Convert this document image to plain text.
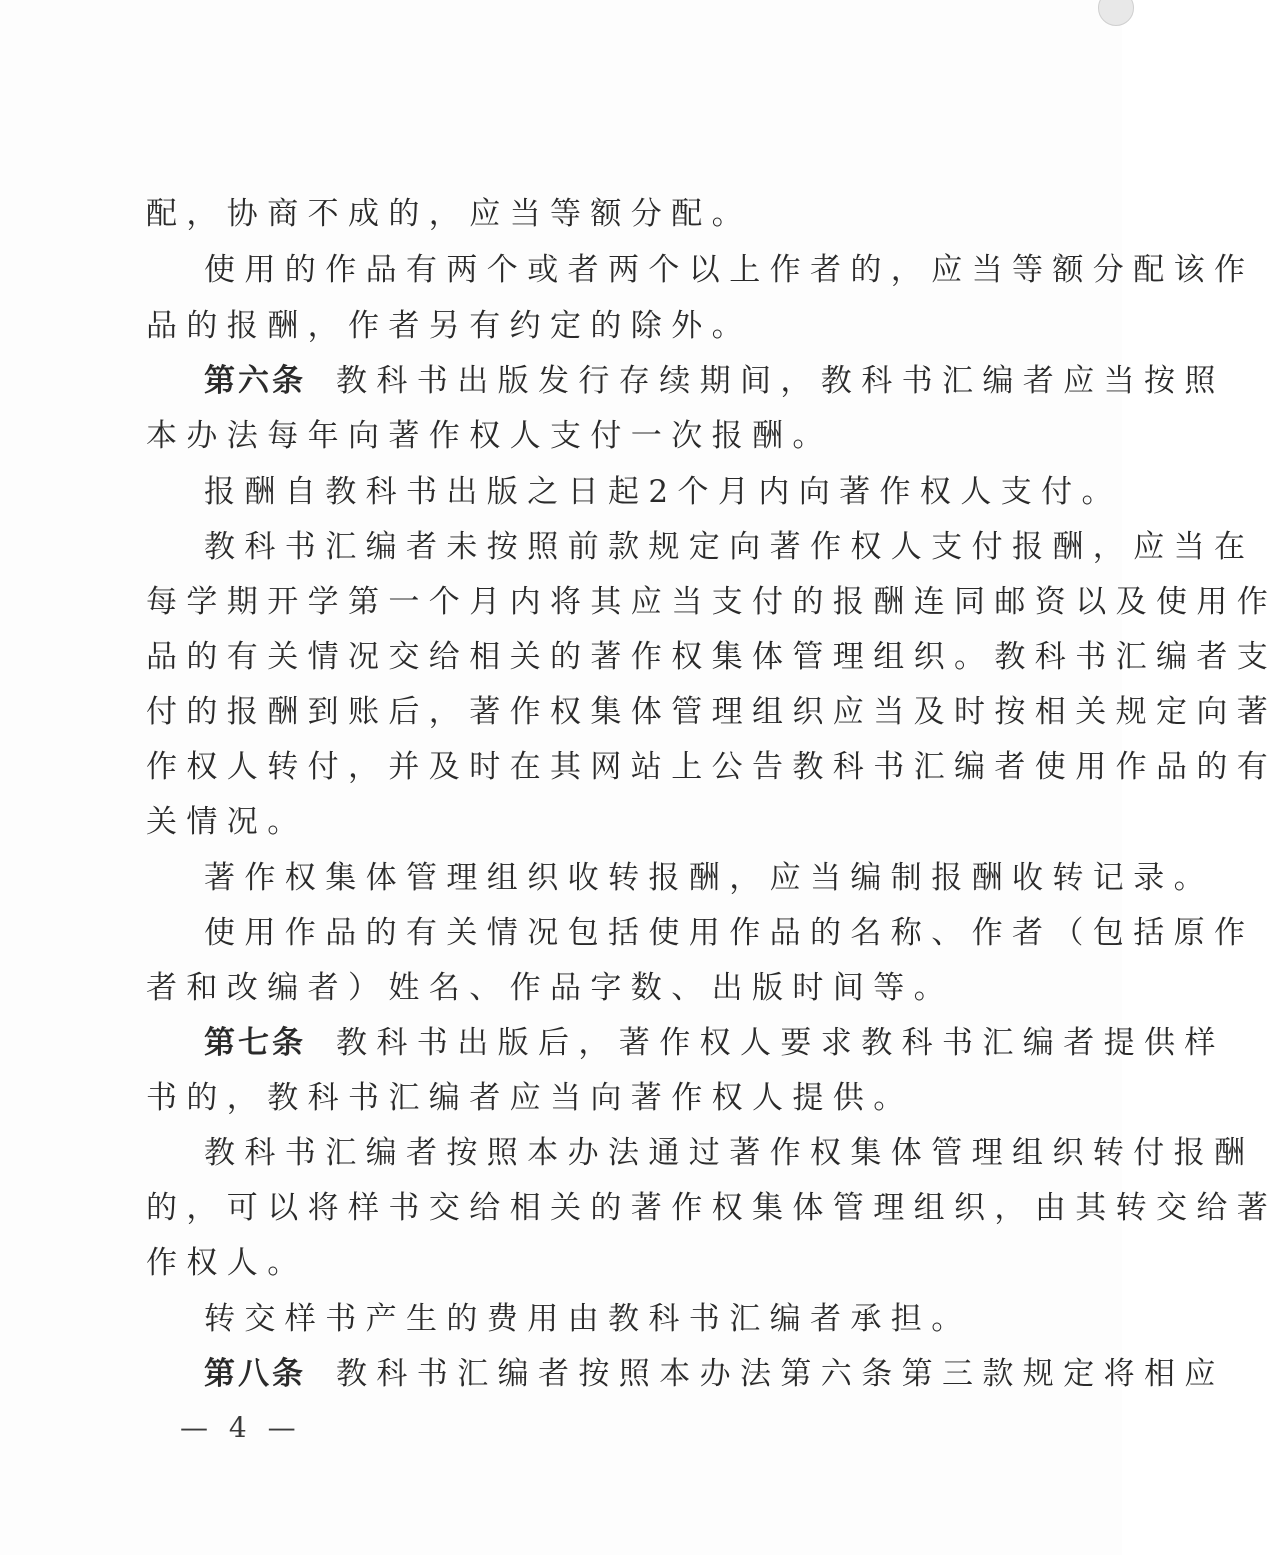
配，协商不成的，应当等额分配。
使用的作品有两个或者两个以上作者的，应当等额分配该作
品的报酬，作者另有约定的除外。
第六条 教科书出版发行存续期间，教科书汇编者应当按照
本办法每年向著作权人支付一次报酬。
报酬自教科书出版之日起2个月内向著作权人支付。
教科书汇编者未按照前款规定向著作权人支付报酬，应当在
每学期开学第一个月内将其应当支付的报酬连同邮资以及使用作
品的有关情况交给相关的著作权集体管理组织。教科书汇编者支
付的报酬到账后，著作权集体管理组织应当及时按相关规定向著
作权人转付，并及时在其网站上公告教科书汇编者使用作品的有
关情况。
著作权集体管理组织收转报酬，应当编制报酬收转记录。
使用作品的有关情况包括使用作品的名称、作者（包括原作
者和改编者）姓名、作品字数、出版时间等。
第七条 教科书出版后，著作权人要求教科书汇编者提供样
书的，教科书汇编者应当向著作权人提供。
教科书汇编者按照本办法通过著作权集体管理组织转付报酬
的，可以将样书交给相关的著作权集体管理组织，由其转交给著
作权人。
转交样书产生的费用由教科书汇编者承担。
第八条 教科书汇编者按照本办法第六条第三款规定将相应
— 4 —
